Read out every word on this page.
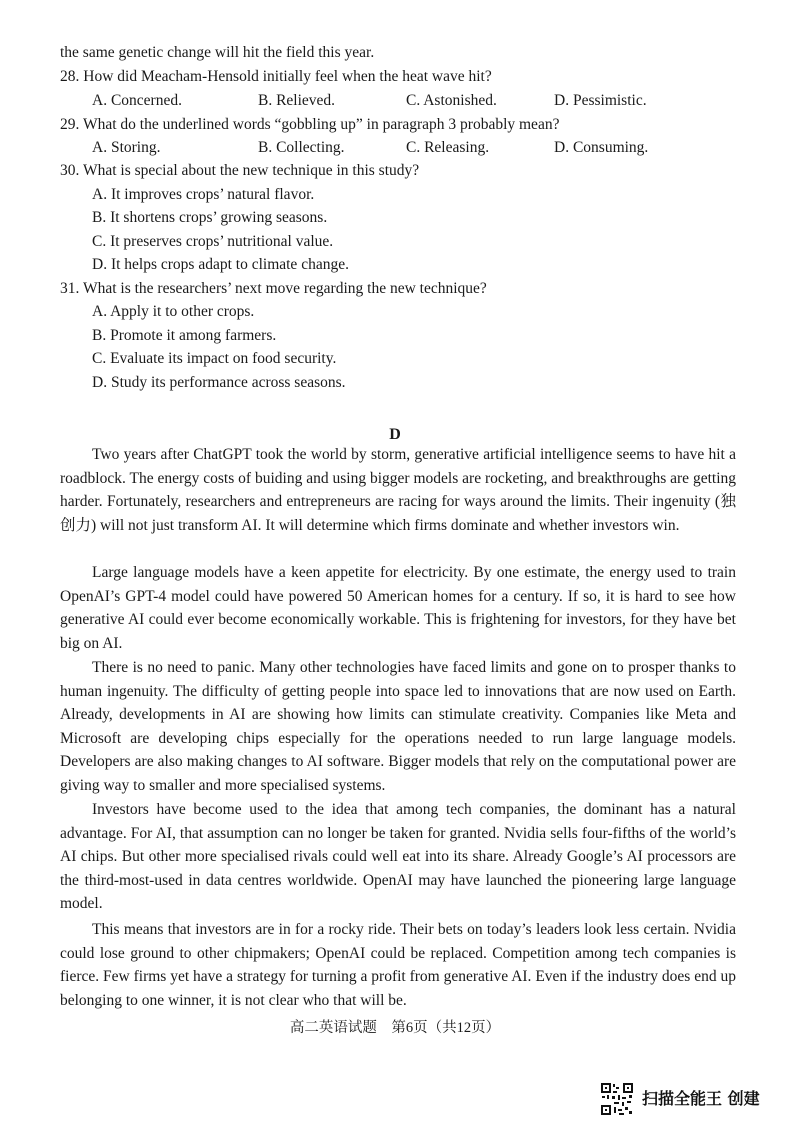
the same genetic change will hit the field this year.
28. How did Meacham-Hensold initially feel when the heat wave hit?
A. Concerned.	B. Relieved.	C. Astonished.	D. Pessimistic.
29. What do the underlined words “gobbling up” in paragraph 3 probably mean?
A. Storing.	B. Collecting.	C. Releasing.	D. Consuming.
30. What is special about the new technique in this study?
A. It improves crops’ natural flavor.
B. It shortens crops’ growing seasons.
C. It preserves crops’ nutritional value.
D. It helps crops adapt to climate change.
31. What is the researchers’ next move regarding the new technique?
A. Apply it to other crops.
B. Promote it among farmers.
C. Evaluate its impact on food security.
D. Study its performance across seasons.
D
Two years after ChatGPT took the world by storm, generative artificial intelligence seems to have hit a roadblock. The energy costs of buiding and using bigger models are rocketing, and breakthroughs are getting harder. Fortunately, researchers and entrepreneurs are racing for ways around the limits. Their ingenuity (独创力) will not just transform AI. It will determine which firms dominate and whether investors win.
Large language models have a keen appetite for electricity. By one estimate, the energy used to train OpenAI’s GPT-4 model could have powered 50 American homes for a century. If so, it is hard to see how generative AI could ever become economically workable. This is frightening for investors, for they have bet big on AI.
There is no need to panic. Many other technologies have faced limits and gone on to prosper thanks to human ingenuity. The difficulty of getting people into space led to innovations that are now used on Earth. Already, developments in AI are showing how limits can stimulate creativity. Companies like Meta and Microsoft are developing chips especially for the operations needed to run large language models. Developers are also making changes to AI software. Bigger models that rely on the computational power are giving way to smaller and more specialised systems.
Investors have become used to the idea that among tech companies, the dominant has a natural advantage. For AI, that assumption can no longer be taken for granted. Nvidia sells four-fifths of the world’s AI chips. But other more specialised rivals could well eat into its share. Already Google’s AI processors are the third-most-used in data centres worldwide. OpenAI may have launched the pioneering large language model.
This means that investors are in for a rocky ride. Their bets on today’s leaders look less certain. Nvidia could lose ground to other chipmakers; OpenAI could be replaced. Competition among tech companies is fierce. Few firms yet have a strategy for turning a profit from generative AI. Even if the industry does end up belonging to one winner, it is not clear who that will be.
高二英语试题　第6页（共12页）
扫描全能王 创建
